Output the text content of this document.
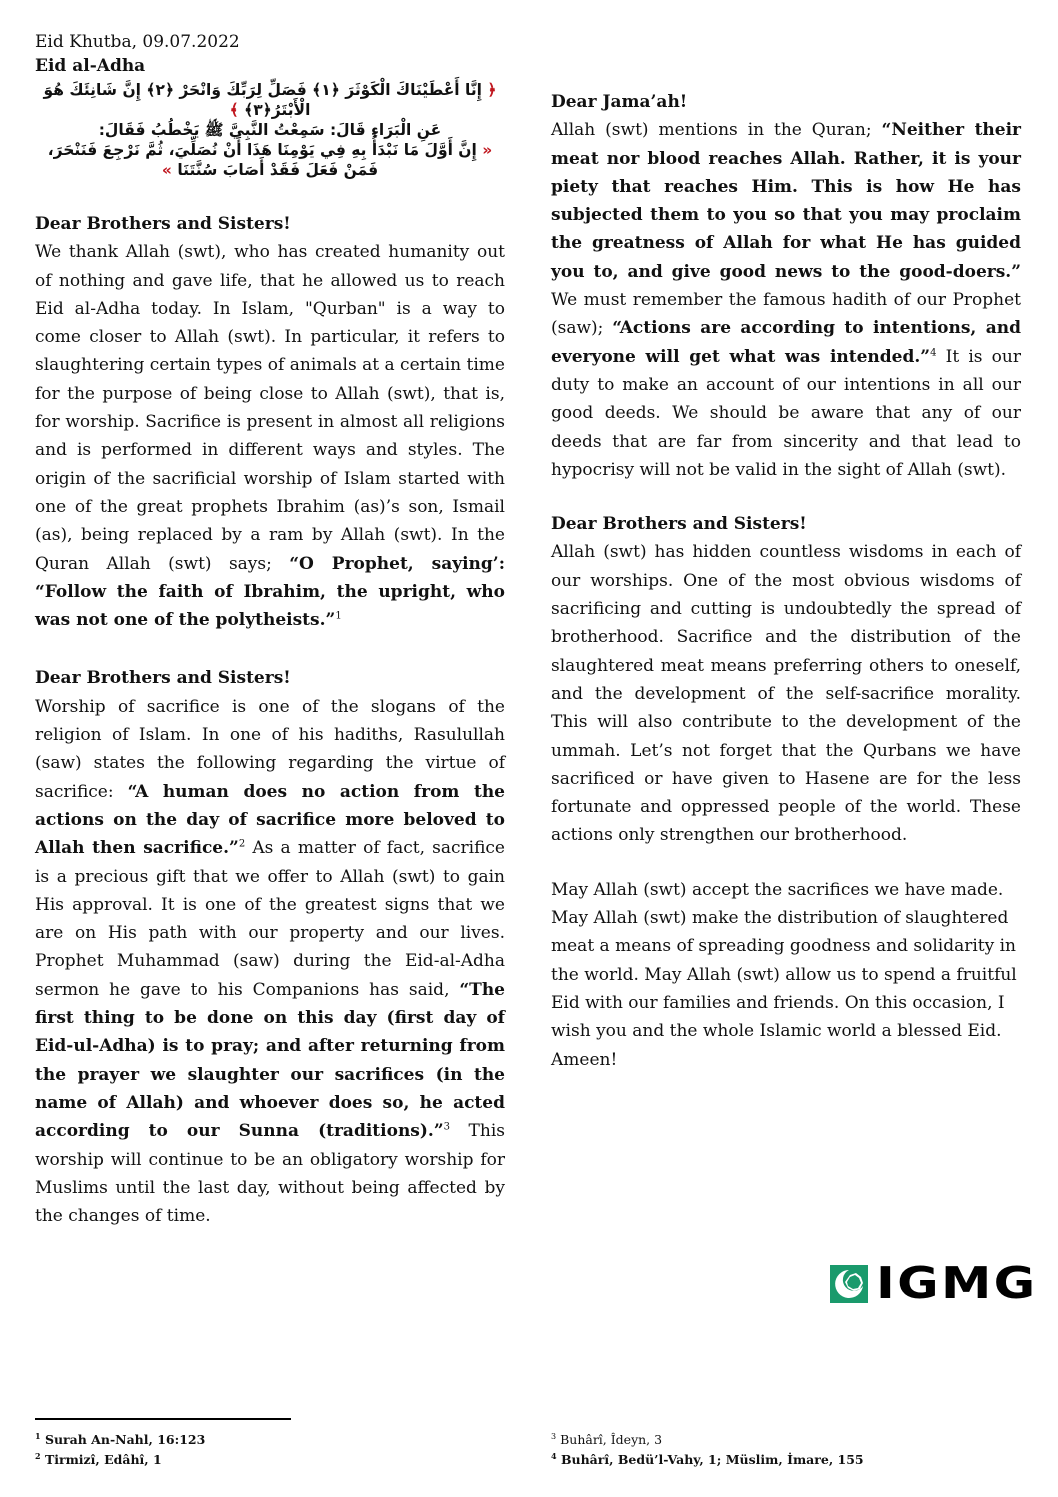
Eid Khutba, 09.07.2022
Eid al-Adha
﴿ إِنَّا أَعْطَيْنَاكَ الْكَوْثَرَ ﴿١﴾ فَصَلِّ لِرَبِّكَ وَانْحَرْ ﴿٢﴾ إِنَّ شَانِئَكَ هُوَ الْأَبْتَرُ﴿٣﴾ ﴾
عَنِ الْبَرَاءِ قَالَ: سَمِعْتُ النَّبِيَّ ﷺ يَخْطُبُ فَقَالَ:
« إِنَّ أَوَّلَ مَا نَبْدَأُ بِهِ فِي يَوْمِنَا هَذَا أَنْ نُصَلِّيَ، ثُمَّ نَرْجِعَ فَنَنْحَرَ، فَمَنْ فَعَلَ فَقَدْ أَصَابَ سُنَّتَنَا »
Dear Brothers and Sisters!

We thank Allah (swt), who has created humanity out of nothing and gave life, that he allowed us to reach Eid al-Adha today. In Islam, "Qurban" is a way to come closer to Allah (swt). In particular, it refers to slaughtering certain types of animals at a certain time for the purpose of being close to Allah (swt), that is, for worship. Sacrifice is present in almost all religions and is performed in different ways and styles. The origin of the sacrificial worship of Islam started with one of the great prophets Ibrahim (as)’s son, Ismail (as), being replaced by a ram by Allah (swt). In the Quran Allah (swt) says; “O Prophet, saying’: “Follow the faith of Ibrahim, the upright, who was not one of the polytheists.”$^1$

Dear Brothers and Sisters!

Worship of sacrifice is one of the slogans of the religion of Islam. In one of his hadiths, Rasulullah (saw) states the following regarding the virtue of sacrifice: “A human does no action from the actions on the day of sacrifice more beloved to Allah then sacrifice.”$^2$ As a matter of fact, sacrifice is a precious gift that we offer to Allah (swt) to gain His approval. It is one of the greatest signs that we are on His path with our property and our lives. Prophet Muhammad (saw) during the Eid-al-Adha sermon he gave to his Companions has said, “The first thing to be done on this day (first day of Eid-ul-Adha) is to pray; and after returning from the prayer we slaughter our sacrifices (in the name of Allah) and whoever does so, he acted according to our Sunna (traditions).”$^3$ This worship will continue to be an obligatory worship for Muslims until the last day, without being affected by the changes of time.

Dear Jama’ah!

Allah (swt) mentions in the Quran; “Neither their meat nor blood reaches Allah. Rather, it is your piety that reaches Him. This is how He has subjected them to you so that you may proclaim the greatness of Allah for what He has guided you to, and give good news to the good-doers.” We must remember the famous hadith of our Prophet (saw); “Actions are according to intentions, and everyone will get what was intended.”$^4$ It is our duty to make an account of our intentions in all our good deeds. We should be aware that any of our deeds that are far from sincerity and that lead to hypocrisy will not be valid in the sight of Allah (swt).

Dear Brothers and Sisters!

Allah (swt) has hidden countless wisdoms in each of our worships. One of the most obvious wisdoms of sacrificing and cutting is undoubtedly the spread of brotherhood. Sacrifice and the distribution of the slaughtered meat means preferring others to oneself, and the development of the self-sacrifice morality. This will also contribute to the development of the ummah. Let’s not forget that the Qurbans we have sacrificed or have given to Hasene are for the less fortunate and oppressed people of the world. These actions only strengthen our brotherhood.

May Allah (swt) accept the sacrifices we have made. May Allah (swt) make the distribution of slaughtered meat a means of spreading goodness and solidarity in the world. May Allah (swt) allow us to spend a fruitful Eid with our families and friends. On this occasion, I wish you and the whole Islamic world a blessed Eid.

Ameen!

IGMG
$^1$ Surah An-Nahl, 16:123
$^2$ Tirmizî, Edâhî, 1
$^3$ Buhârî, Îdeyn, 3
$^4$ Buhârî, Bedü’l-Vahy, 1; Müslim, İmare, 155
